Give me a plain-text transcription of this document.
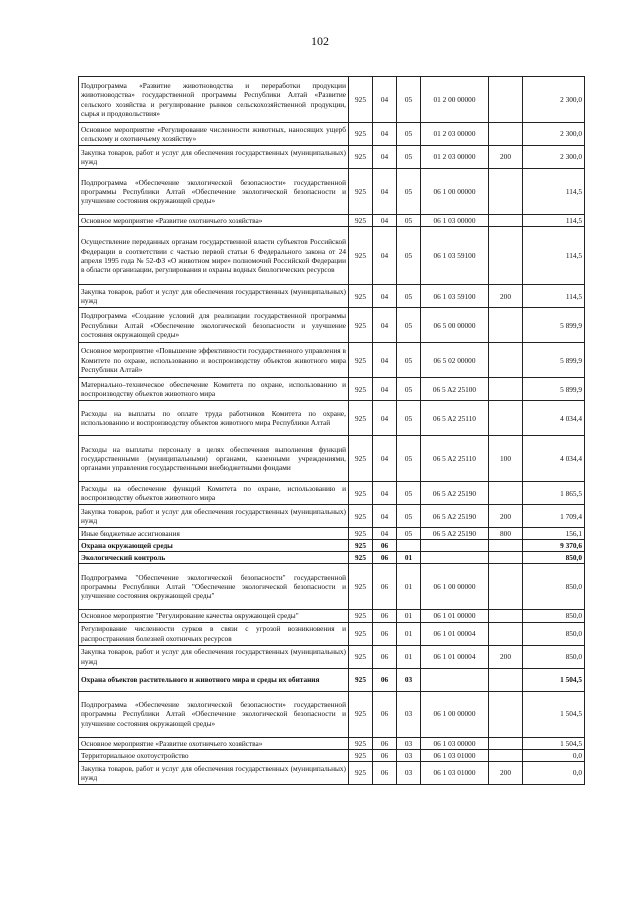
102
Подпрограмма «Развитие животноводства и переработки продукции животноводства» государственной программы Республики Алтай «Развитие сельского хозяйства и регулирование рынков сельскохозяйственной продукции, сырья и продовольствия»	925	04	05	01 2 00 00000		2 300,0
Основное мероприятие «Регулирование численности животных, наносящих ущерб сельскому и охотничьему хозяйству»	925	04	05	01 2 03 00000		2 300,0
Закупка товаров, работ и услуг для обеспечения государственных (муниципальных) нужд	925	04	05	01 2 03 00000	200	2 300,0
Подпрограмма «Обеспечение экологической безопасности» государственной программы Республики Алтай «Обеспечение экологической безопасности и улучшение состояния окружающей среды»	925	04	05	06 1 00 00000		114,5
Основное мероприятие «Развитие охотничьего хозяйства»	925	04	05	06 1 03 00000		114,5
Осуществление переданных органам государственной власти субъектов Российской Федерации в соответствии с частью первой статьи 6 Федерального закона от 24 апреля 1995 года № 52-ФЗ «О животном мире» полномочий Российской Федерации в области организации, регулирования и охраны водных биологических ресурсов	925	04	05	06 1 03 59100		114,5
Закупка товаров, работ и услуг для обеспечения государственных (муниципальных) нужд	925	04	05	06 1 03 59100	200	114,5
Подпрограмма «Создание условий для реализации государственной программы Республики Алтай «Обеспечение экологической безопасности и улучшение состояния окружающей среды»	925	04	05	06 5 00 00000		5 899,9
Основное мероприятие «Повышение эффективности государственного управления в Комитете по охране, использованию и воспроизводству объектов животного мира Республики Алтай»	925	04	05	06 5 02 00000		5 899,9
Материально–техническое обеспечение Комитета по охране, использованию и воспроизводству объектов животного мира	925	04	05	06 5 A2 25100		5 899,9
Расходы на выплаты по оплате труда работников Комитета по охране, использованию и воспроизводству объектов животного мира Республики Алтай	925	04	05	06 5 A2 25110		4 034,4
Расходы на выплаты персоналу в целях обеспечения выполнения функций государственными (муниципальными) органами, казенными учреждениями, органами управления государственными внебюджетными фондами	925	04	05	06 5 A2 25110	100	4 034,4
Расходы на обеспечение функций Комитета по охране, использованию и воспроизводству объектов животного мира	925	04	05	06 5 A2 25190		1 865,5
Закупка товаров, работ и услуг для обеспечения государственных (муниципальных) нужд	925	04	05	06 5 A2 25190	200	1 709,4
Иные бюджетные ассигнования	925	04	05	06 5 A2 25190	800	156,1
Охрана окружающей среды	925	06				9 370,6
Экологический контроль	925	06	01			850,0
Подпрограмма "Обеспечение экологической безопасности" государственной программы Республики Алтай "Обеспечение экологической безопасности и улучшение состояния окружающей среды"	925	06	01	06 1 00 00000		850,0
Основное мероприятие "Регулирование качества окружающей среды"	925	06	01	06 1 01 00000		850,0
Регулирование численности сурков в связи с угрозой возникновения и распространения болезней охотничьих ресурсов	925	06	01	06 1 01 00004		850,0
Закупка товаров, работ и услуг для обеспечения государственных (муниципальных) нужд	925	06	01	06 1 01 00004	200	850,0
Охрана объектов растительного и животного мира и среды их обитания	925	06	03			1 504,5
Подпрограмма «Обеспечение экологической безопасности» государственной программы Республики Алтай «Обеспечение экологической безопасности и улучшение состояния окружающей среды»	925	06	03	06 1 00 00000		1 504,5
Основное мероприятие «Развитие охотничьего хозяйства»	925	06	03	06 1 03 00000		1 504,5
Территориальное охотоустройство	925	06	03	06 1 03 01000		0,0
Закупка товаров, работ и услуг для обеспечения государственных (муниципальных) нужд	925	06	03	06 1 03 01000	200	0,0
